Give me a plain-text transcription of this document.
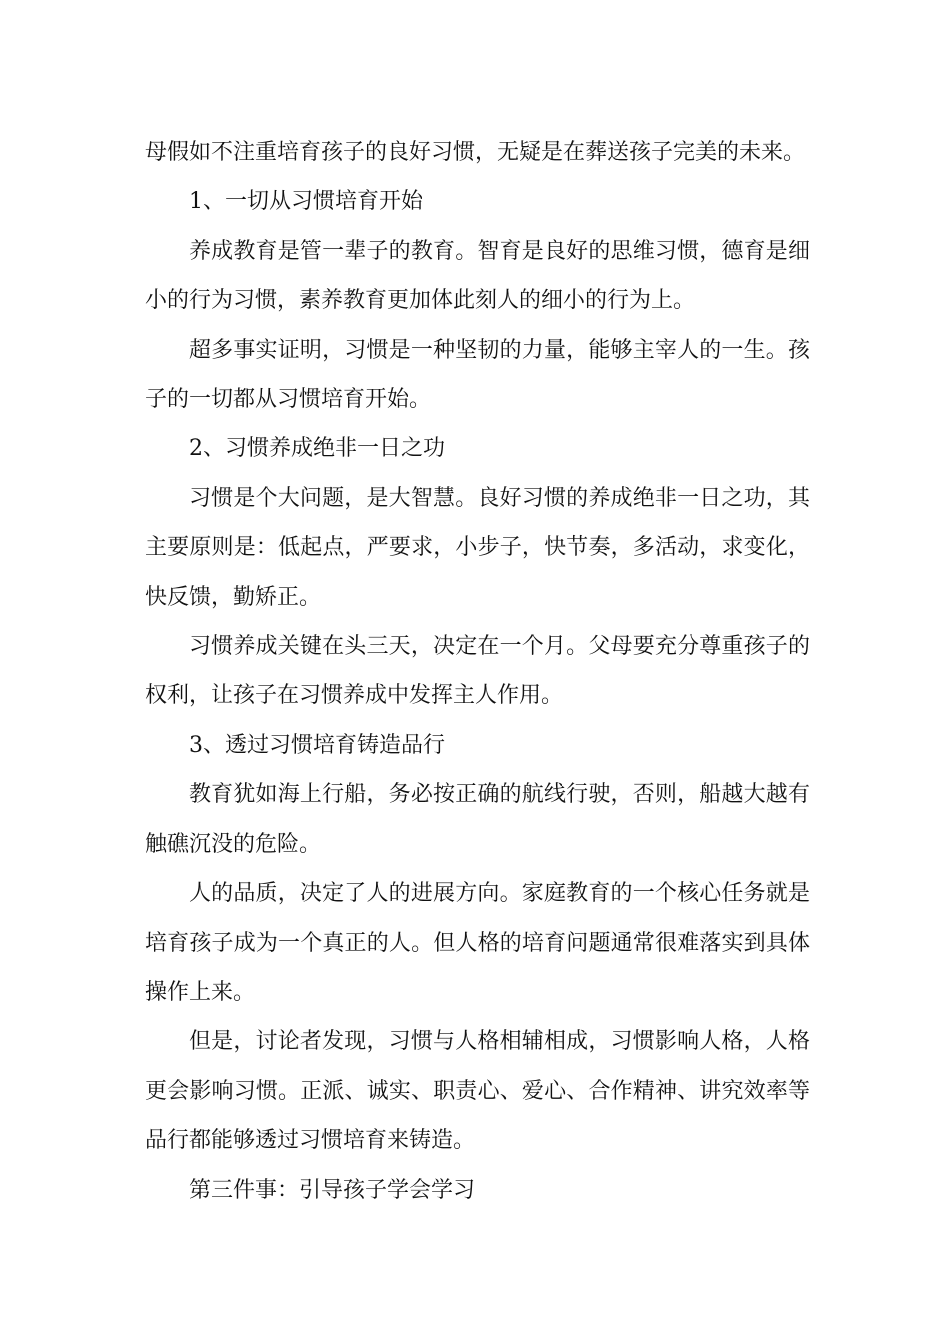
母假如不注重培育孩子的良好习惯，无疑是在葬送孩子完美的未来。

1、一切从习惯培育开始

养成教育是管一辈子的教育。智育是良好的思维习惯，德育是细小的行为习惯，素养教育更加体此刻人的细小的行为上。

超多事实证明，习惯是一种坚韧的力量，能够主宰人的一生。孩子的一切都从习惯培育开始。

2、习惯养成绝非一日之功

习惯是个大问题，是大智慧。良好习惯的养成绝非一日之功，其主要原则是：低起点，严要求，小步子，快节奏，多活动，求变化，快反馈，勤矫正。

习惯养成关键在头三天，决定在一个月。父母要充分尊重孩子的权利，让孩子在习惯养成中发挥主人作用。

3、透过习惯培育铸造品行

教育犹如海上行船，务必按正确的航线行驶，否则，船越大越有触礁沉没的危险。

人的品质，决定了人的进展方向。家庭教育的一个核心任务就是培育孩子成为一个真正的人。但人格的培育问题通常很难落实到具体操作上来。

但是，讨论者发现，习惯与人格相辅相成，习惯影响人格，人格更会影响习惯。正派、诚实、职责心、爱心、合作精神、讲究效率等品行都能够透过习惯培育来铸造。

第三件事：引导孩子学会学习
